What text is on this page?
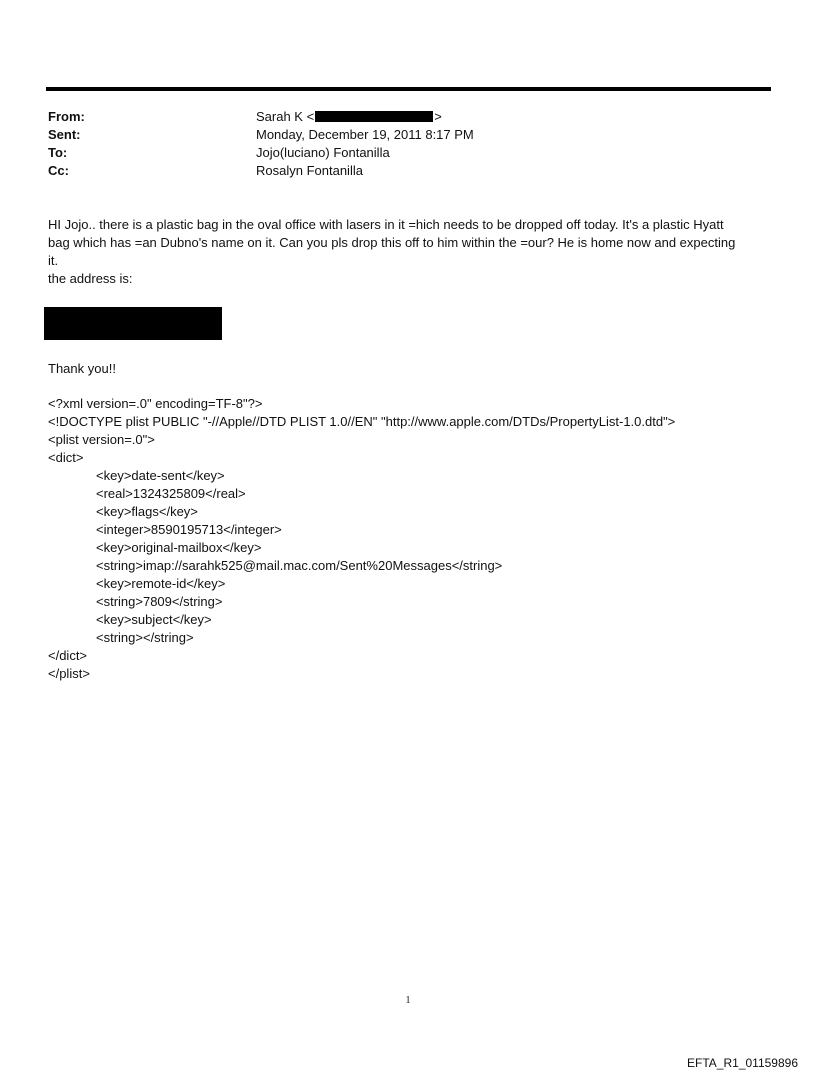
From:	Sarah K <	>
Sent:	Monday, December 19, 2011 8:17 PM
To:	Jojo(luciano) Fontanilla
Cc:	Rosalyn Fontanilla

HI Jojo.. there is a plastic bag in the oval office with lasers in it =hich needs to be dropped off today. It's a plastic Hyatt

bag which has =an Dubno's name on it. Can you pls drop this off to him within the =our? He is home now and expecting

it.

the address is:

Thank you!!
<?xml version=.0" encoding=TF-8"?>
<!DOCTYPE plist PUBLIC "-//Apple//DTD PLIST 1.0//EN" "http://www.apple.com/DTDs/PropertyList-1.0.dtd">
<plist version=.0">
<dict>
<key>date-sent</key>
<real>1324325809</real>
<key>flags</key>
<integer>8590195713</integer>
<key>original-mailbox</key>
<string>imap://sarahk525@mail.mac.com/Sent%20Messages</string>
<key>remote-id</key>
<string>7809</string>
<key>subject</key>
<string></string>
</dict>
</plist>
1
EFTA_R1_01159896
